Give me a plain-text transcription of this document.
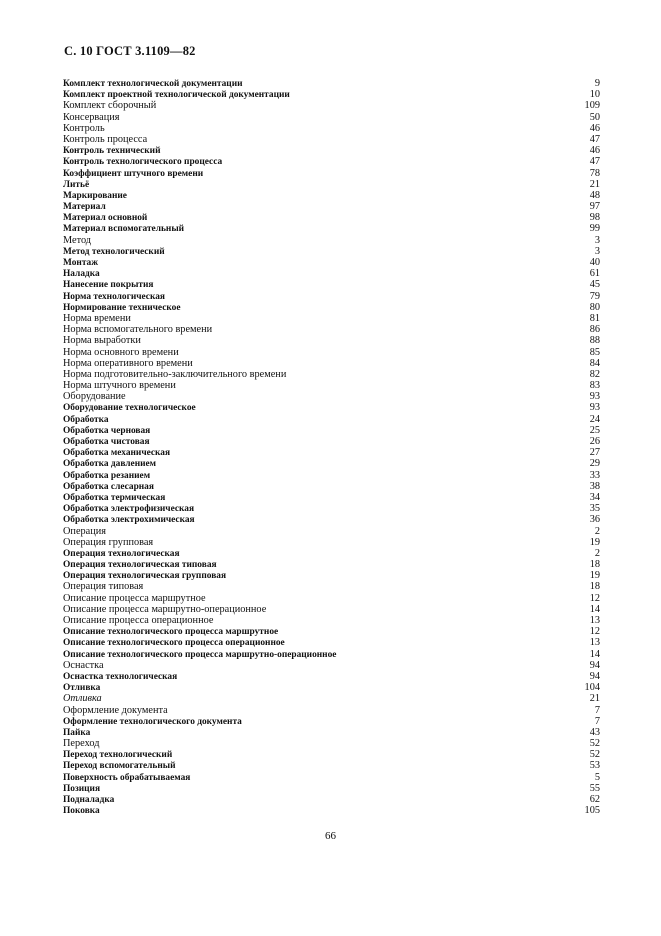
С. 10 ГОСТ 3.1109—82
Комплект технологической документации	9
Комплект проектной технологической документации	10
Комплект сборочный	109
Консервация	50
Контроль	46
Контроль процесса	47
Контроль технический	46
Контроль технологического процесса	47
Коэффициент штучного времени	78
Литьё	21
Маркирование	48
Материал	97
Материал основной	98
Материал вспомогательный	99
Метод	3
Метод технологический	3
Монтаж	40
Наладка	61
Нанесение покрытия	45
Норма технологическая	79
Нормирование техническое	80
Норма времени	81
Норма вспомогательного времени	86
Норма выработки	88
Норма основного времени	85
Норма оперативного времени	84
Норма подготовительно-заключительного времени	82
Норма штучного времени	83
Оборудование	93
Оборудование технологическое	93
Обработка	24
Обработка черновая	25
Обработка чистовая	26
Обработка механическая	27
Обработка давлением	29
Обработка резанием	33
Обработка слесарная	38
Обработка термическая	34
Обработка электрофизическая	35
Обработка электрохимическая	36
Операция	2
Операция групповая	19
Операция технологическая	2
Операция технологическая типовая	18
Операция технологическая групповая	19
Операция типовая	18
Описание процесса маршрутное	12
Описание процесса маршрутно-операционное	14
Описание процесса операционное	13
Описание технологического процесса маршрутное	12
Описание технологического процесса операционное	13
Описание технологического процесса маршрутно-операционное	14
Оснастка	94
Оснастка технологическая	94
Отливка	104
Отливка	21
Оформление документа	7
Оформление технологического документа	7
Пайка	43
Переход	52
Переход технологический	52
Переход вспомогательный	53
Поверхность обрабатываемая	5
Позиция	55
Подналадка	62
Поковка	105
66
